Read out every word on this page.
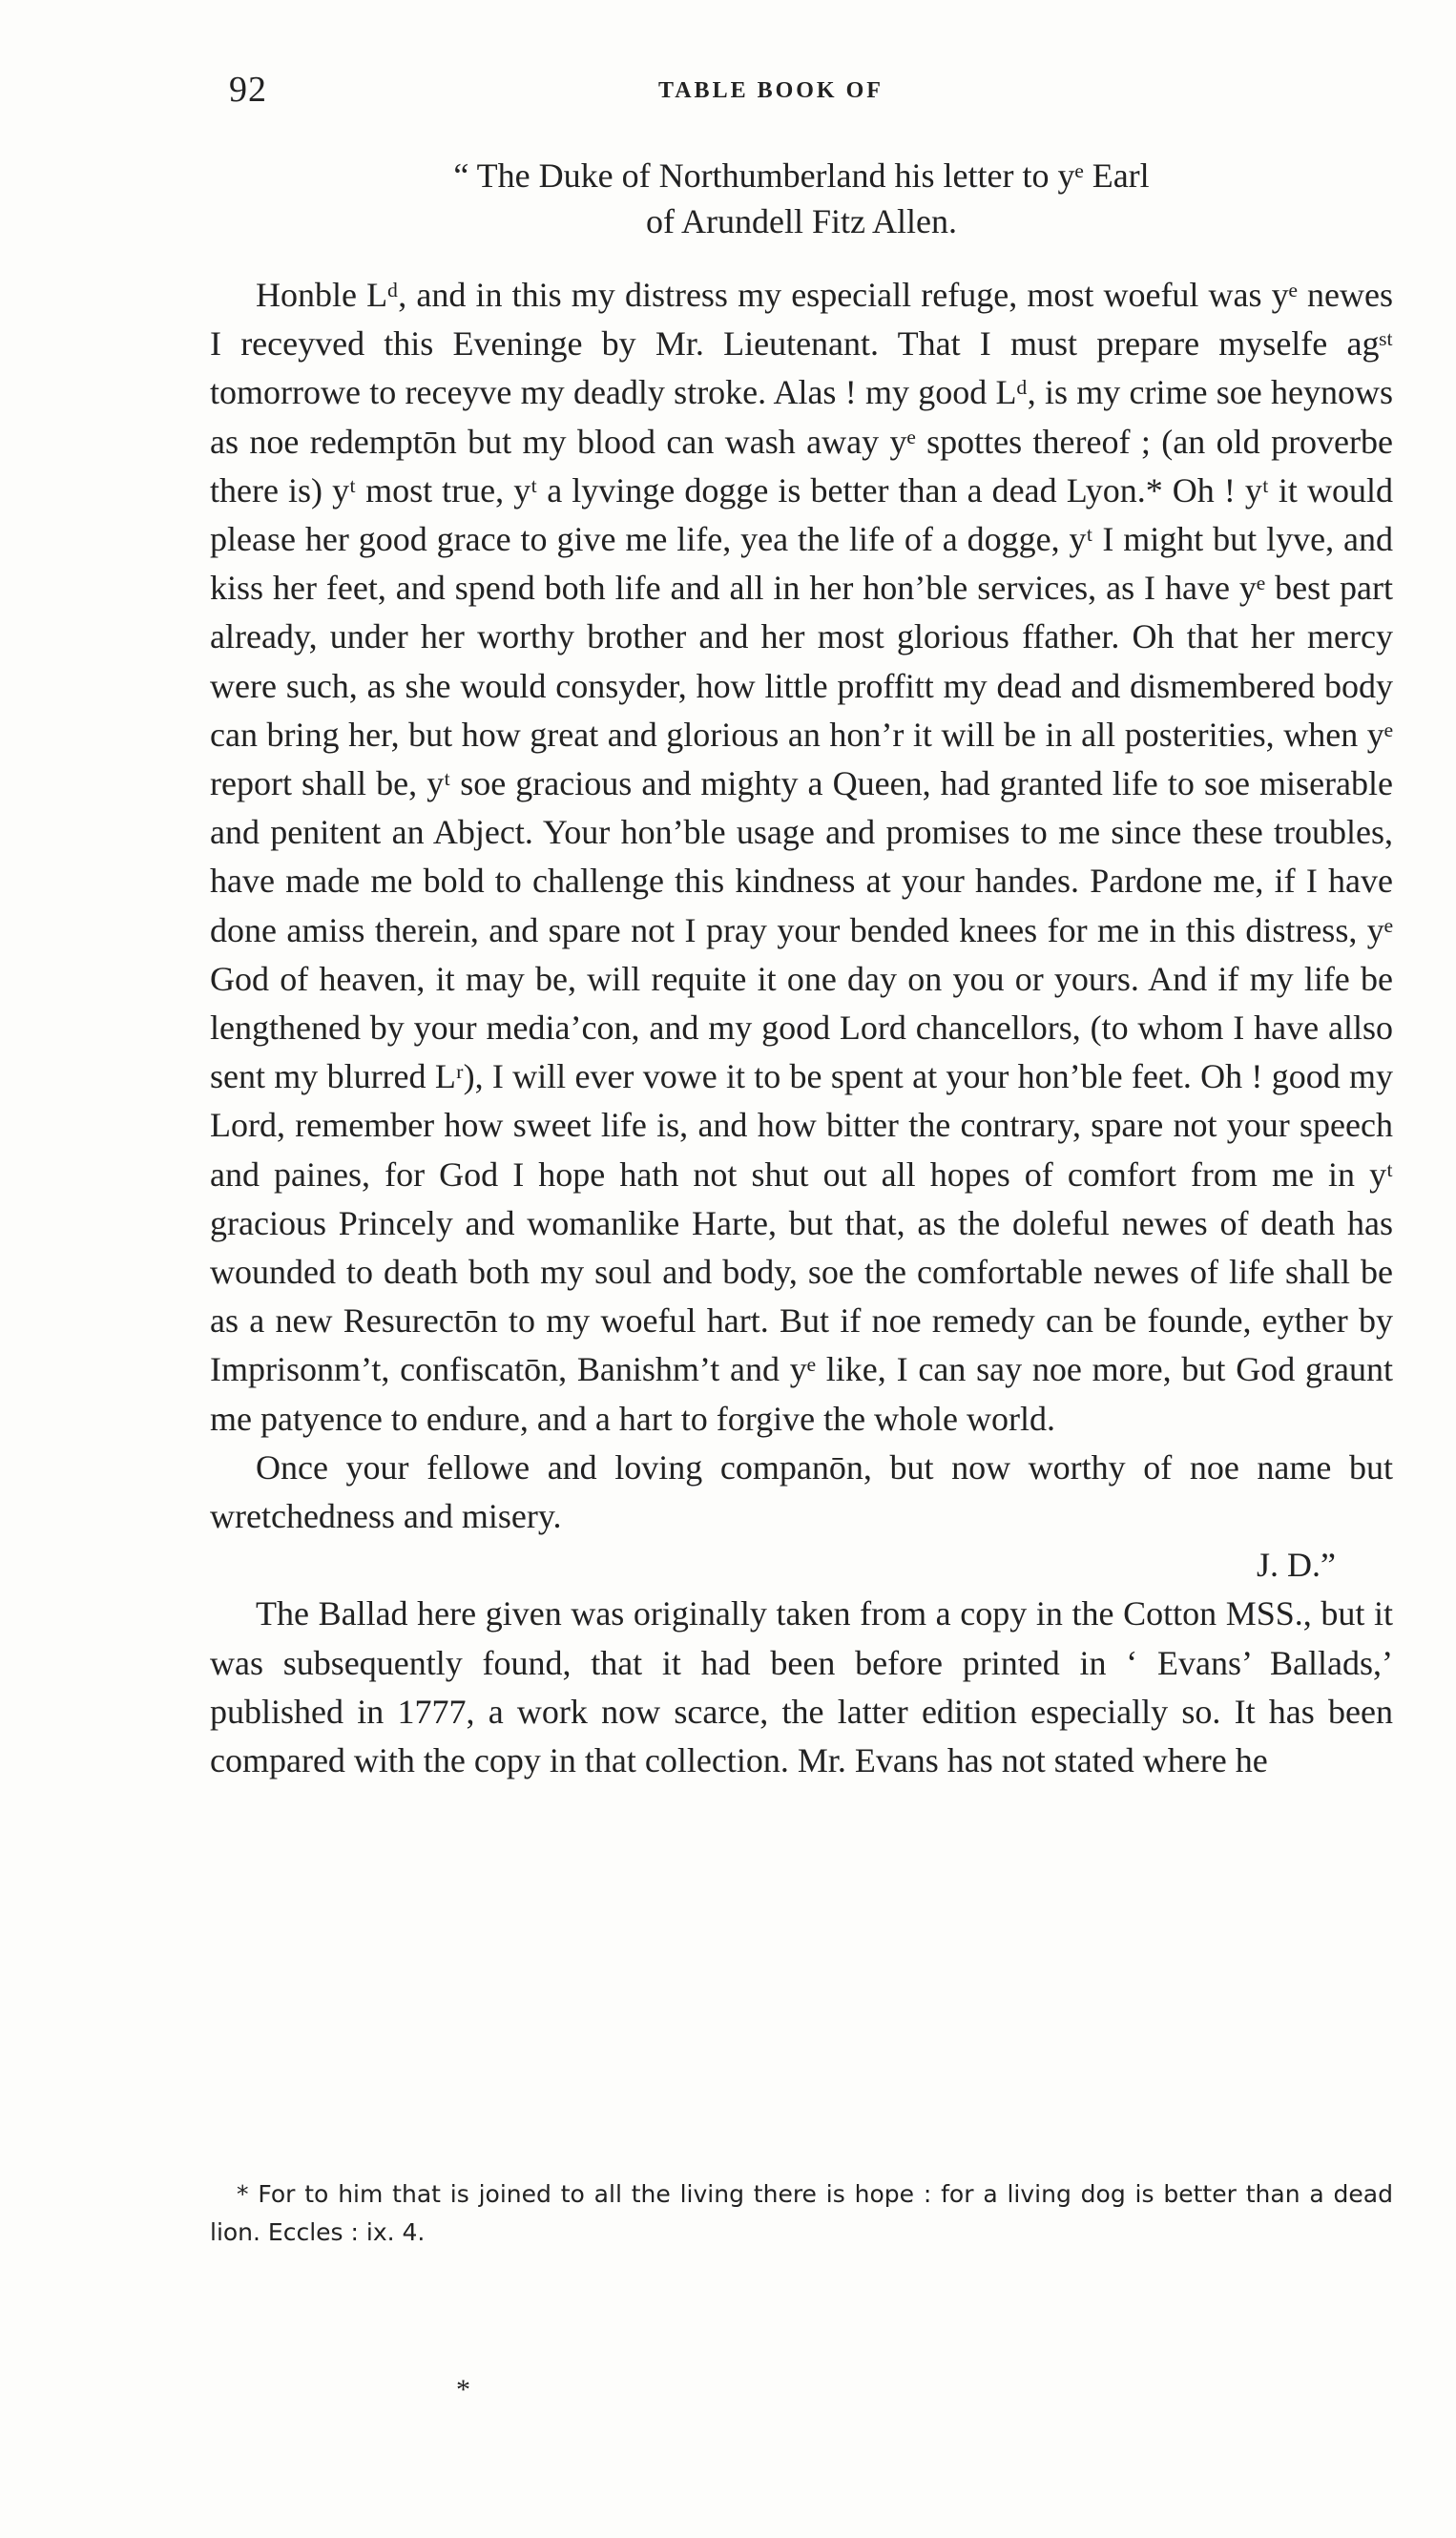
92	TABLE BOOK OF

“ The Duke of Northumberland his letter to yᵉ Earl

of Arundell Fitz Allen.

Honble Lᵈ, and in this my distress my especiall refuge, most woeful was yᵉ newes I receyved this Eveninge by Mr. Lieutenant. That I must prepare myselfe agˢᵗ tomorrowe to receyve my deadly stroke. Alas ! my good Lᵈ, is my crime soe heynows as noe redemptōn but my blood can wash away yᵉ spottes thereof ; (an old proverbe there is) yᵗ most true, yᵗ a lyvinge dogge is better than a dead Lyon.* Oh ! yᵗ it would please her good grace to give me life, yea the life of a dogge, yᵗ I might but lyve, and kiss her feet, and spend both life and all in her hon’ble services, as I have yᵉ best part already, under her worthy brother and her most glorious ffather. Oh that her mercy were such, as she would consyder, how little proffitt my dead and dismembered body can bring her, but how great and glorious an hon’r it will be in all posterities, when yᵉ report shall be, yᵗ soe gracious and mighty a Queen, had granted life to soe miserable and penitent an Abject. Your hon’ble usage and promises to me since these troubles, have made me bold to challenge this kindness at your handes. Pardone me, if I have done amiss therein, and spare not I pray your bended knees for me in this distress, yᵉ God of heaven, it may be, will requite it one day on you or yours. And if my life be lengthened by your media’con, and my good Lord chancellors, (to whom I have allso sent my blurred Lʳ), I will ever vowe it to be spent at your hon’ble feet. Oh ! good my Lord, remember how sweet life is, and how bitter the contrary, spare not your speech and paines, for God I hope hath not shut out all hopes of comfort from me in yᵗ gracious Princely and womanlike Harte, but that, as the doleful newes of death has wounded to death both my soul and body, soe the comfortable newes of life shall be as a new Resurectōn to my woeful hart. But if noe remedy can be founde, eyther by Imprisonm’t, confiscatōn, Banishm’t and yᵉ like, I can say noe more, but God graunt me patyence to endure, and a hart to forgive the whole world.

Once your fellowe and loving companōn, but now worthy of noe name but wretchedness and misery.

J. D.”

The Ballad here given was originally taken from a copy in the Cotton MSS., but it was subsequently found, that it had been before printed in ‘ Evans’ Ballads,’ published in 1777, a work now scarce, the latter edition especially so. It has been compared with the copy in that collection. Mr. Evans has not stated where he

* For to him that is joined to all the living there is hope : for a living dog is better than a dead lion. Eccles : ix. 4.

*
